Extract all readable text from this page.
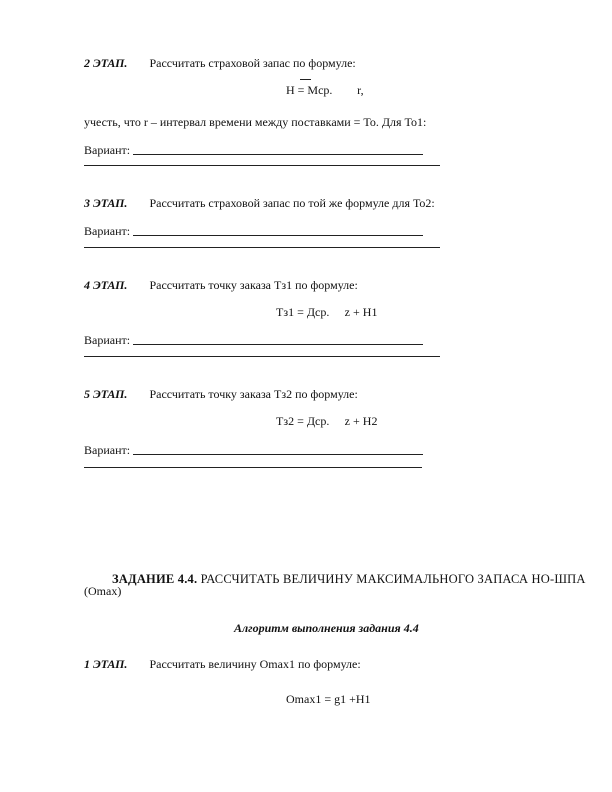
2 ЭТАП. Рассчитать страховой запас по формуле:
Н = Мср. r,
учесть, что r – интервал времени между поставками = То. Для То1:
Вариант:
3 ЭТАП. Рассчитать страховой запас по той же формуле для То2:
Вариант:
4 ЭТАП. Рассчитать точку заказа Тз1 по формуле:
Тз1 = Дср. z + Н1
Вариант:
5 ЭТАП. Рассчитать точку заказа Тз2 по формуле:
Тз2 = Дср. z + Н2
Вариант:
ЗАДАНИЕ 4.4. РАССЧИТАТЬ ВЕЛИЧИНУ МАКСИМАЛЬНОГО ЗАПАСА НО-ШПА
(Omax)
Алгоритм выполнения задания 4.4
1 ЭТАП. Рассчитать величину Omax1 по формуле:
Omax1 = g1 +Н1
